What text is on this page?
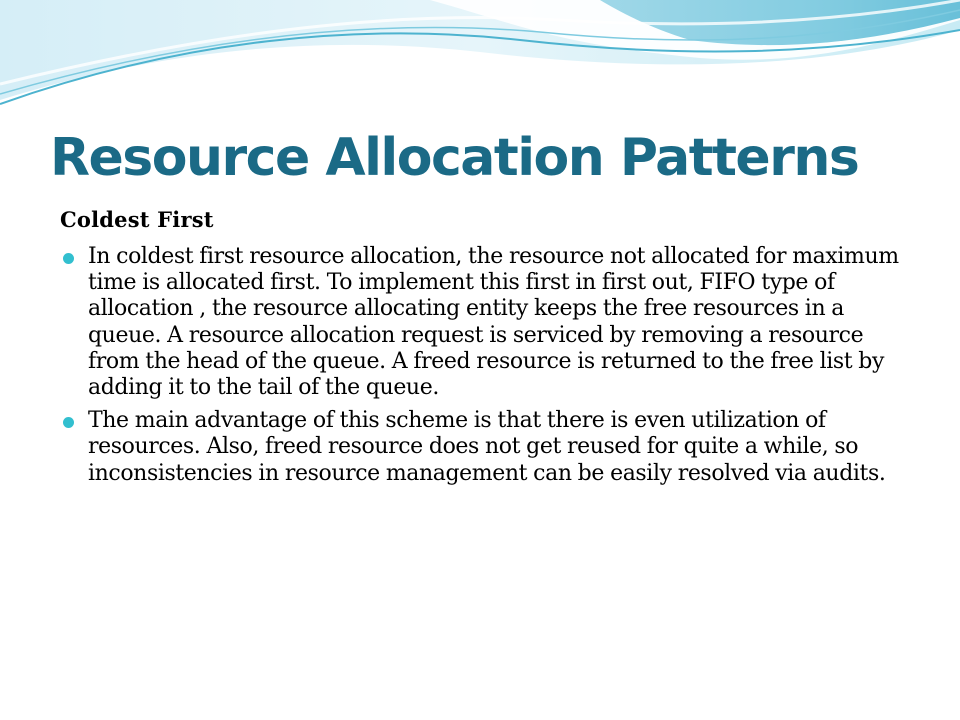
Resource Allocation Patterns
Coldest First
In coldest first resource allocation, the resource not allocated for maximum time is allocated first. To implement this first in first out, FIFO type of allocation , the resource allocating entity keeps the free resources in a queue. A resource allocation request is serviced by removing a resource from the head of the queue. A freed resource is returned to the free list by adding it to the tail of the queue.
The main advantage of this scheme is that there is even utilization of resources. Also, freed resource does not get reused for quite a while, so inconsistencies in resource management can be easily resolved via audits.
